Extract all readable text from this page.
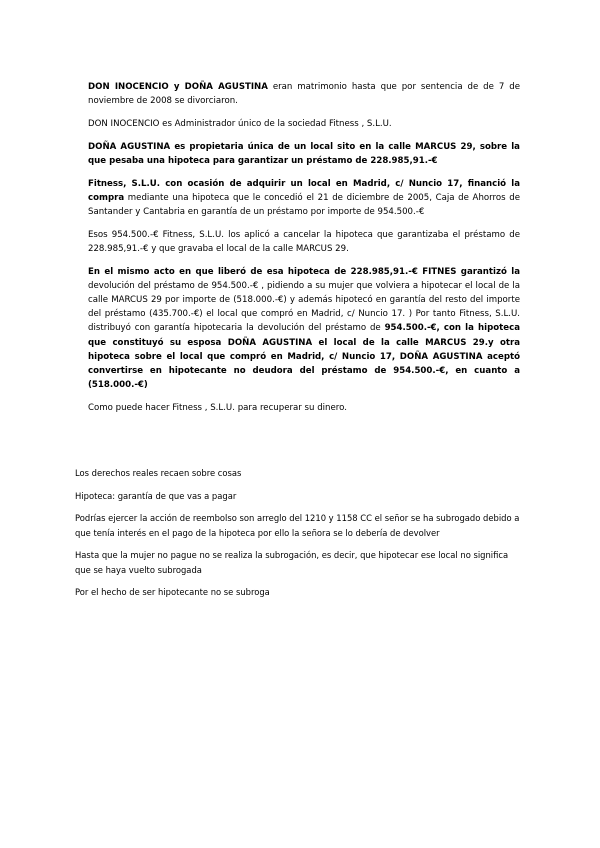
DON INOCENCIO y DOÑA AGUSTINA eran matrimonio hasta que por sentencia de de 7 de noviembre de 2008 se divorciaron.

DON INOCENCIO es Administrador único de la sociedad Fitness , S.L.U.

DOÑA AGUSTINA es propietaria única de un local sito en la calle MARCUS 29, sobre la que pesaba una hipoteca para garantizar un préstamo de 228.985,91.-€

Fitness, S.L.U. con ocasión de adquirir un local en Madrid, c/ Nuncio 17, financió la compra mediante una hipoteca que le concedió el 21 de diciembre de 2005, Caja de Ahorros de Santander y Cantabria en garantía de un préstamo por importe de 954.500.-€

Esos 954.500.-€ Fitness, S.L.U. los aplicó a cancelar la hipoteca que garantizaba el préstamo de 228.985,91.-€ y que gravaba el local de la calle MARCUS 29.

En el mismo acto en que liberó de esa hipoteca de 228.985,91.-€ FITNES garantizó la devolución del préstamo de 954.500.-€ , pidiendo a su mujer que volviera a hipotecar el local de la calle MARCUS 29 por importe de (518.000.-€) y además hipotecó en garantía del resto del importe del préstamo (435.700.-€) el local que compró en Madrid, c/ Nuncio 17. ) Por tanto Fitness, S.L.U. distribuyó con garantía hipotecaria la devolución del préstamo de 954.500.-€, con la hipoteca que constituyó su esposa DOÑA AGUSTINA el local de la calle MARCUS 29.y otra hipoteca sobre el local que compró en Madrid, c/ Nuncio 17, DOÑA AGUSTINA aceptó convertirse en hipotecante no deudora del préstamo de 954.500.-€, en cuanto a (518.000.-€)

Como puede hacer Fitness , S.L.U. para recuperar su dinero.

Los derechos reales recaen sobre cosas

Hipoteca: garantía de que vas a pagar

Podrías ejercer la acción de reembolso son arreglo del 1210 y 1158 CC el señor se ha subrogado debido a que tenía interés en el pago de la hipoteca por ello la señora se lo debería de devolver

Hasta que la mujer no pague no se realiza la subrogación, es decir, que hipotecar ese local no significa que se haya vuelto subrogada

Por el hecho de ser hipotecante no se subroga
